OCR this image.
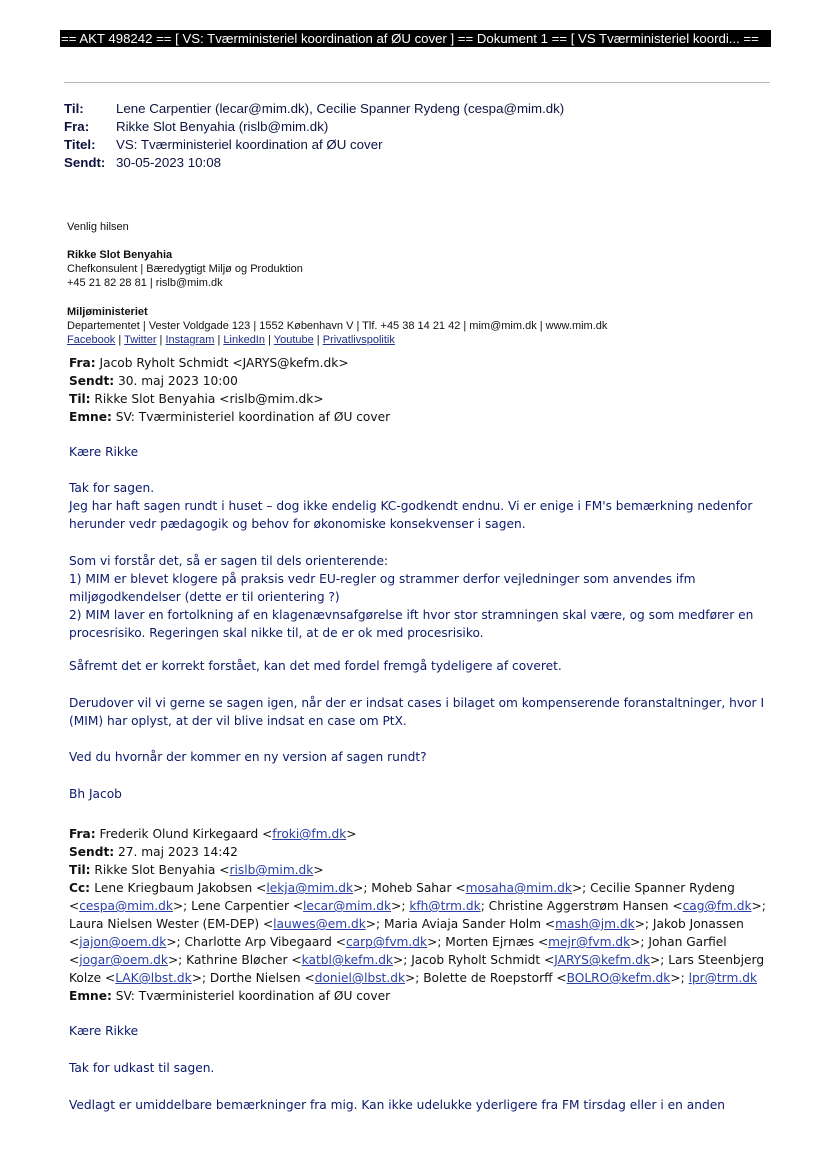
== AKT 498242 == [ VS: Tværministeriel koordination af ØU cover ] == Dokument 1 == [ VS Tværministeriel koordi... ==
Til: Lene Carpentier (lecar@mim.dk), Cecilie Spanner Rydeng (cespa@mim.dk)
Fra: Rikke Slot Benyahia (rislb@mim.dk)
Titel: VS: Tværministeriel koordination af ØU cover
Sendt: 30-05-2023 10:08
Venlig hilsen
Rikke Slot Benyahia
Chefkonsulent | Bæredygtigt Miljø og Produktion
+45 21 82 28 81 | rislb@mim.dk
Miljøministeriet
Departementet | Vester Voldgade 123 | 1552 København V | Tlf. +45 38 14 21 42 | mim@mim.dk | www.mim.dk
Facebook | Twitter | Instagram | LinkedIn | Youtube | Privatlivspolitik
Fra: Jacob Ryholt Schmidt <JARYS@kefm.dk>
Sendt: 30. maj 2023 10:00
Til: Rikke Slot Benyahia <rislb@mim.dk>
Emne: SV: Tværministeriel koordination af ØU cover
Kære Rikke
Tak for sagen.
Jeg har haft sagen rundt i huset – dog ikke endelig KC-godkendt endnu. Vi er enige i FM's bemærkning nedenfor
herunder vedr pædagogik og behov for økonomiske konsekvenser i sagen.
Som vi forstår det, så er sagen til dels orienterende:
1) MIM er blevet klogere på praksis vedr EU-regler og strammer derfor vejledninger som anvendes ifm
miljøgodkendelser (dette er til orientering ?)
2) MIM laver en fortolkning af en klagenævnsafgørelse ift hvor stor stramningen skal være, og som medfører en
procesrisiko. Regeringen skal nikke til, at de er ok med procesrisiko.
Såfremt det er korrekt forstået, kan det med fordel fremgå tydeligere af coveret.
Derudover vil vi gerne se sagen igen, når der er indsat cases i bilaget om kompenserende foranstaltninger, hvor I
(MIM) har oplyst, at der vil blive indsat en case om PtX.
Ved du hvornår der kommer en ny version af sagen rundt?
Bh Jacob
Fra: Frederik Olund Kirkegaard <froki@fm.dk>
Sendt: 27. maj 2023 14:42
Til: Rikke Slot Benyahia <rislb@mim.dk>
Cc: Lene Kriegbaum Jakobsen <lekja@mim.dk>; Moheb Sahar <mosaha@mim.dk>; Cecilie Spanner Rydeng
<cespa@mim.dk>; Lene Carpentier <lecar@mim.dk>; kfh@trm.dk; Christine Aggerstrøm Hansen <cag@fm.dk>;
Laura Nielsen Wester (EM-DEP) <lauwes@em.dk>; Maria Aviaja Sander Holm <mash@jm.dk>; Jakob Jonassen
<jajon@oem.dk>; Charlotte Arp Vibegaard <carp@fvm.dk>; Morten Ejrnæs <mejr@fvm.dk>; Johan Garfiel
<jogar@oem.dk>; Kathrine Bløcher <katbl@kefm.dk>; Jacob Ryholt Schmidt <JARYS@kefm.dk>; Lars Steenbjerg
Kolze <LAK@lbst.dk>; Dorthe Nielsen <doniel@lbst.dk>; Bolette de Roepstorff <BOLRO@kefm.dk>; lpr@trm.dk
Emne: SV: Tværministeriel koordination af ØU cover
Kære Rikke
Tak for udkast til sagen.
Vedlagt er umiddelbare bemærkninger fra mig. Kan ikke udelukke yderligere fra FM tirsdag eller i en anden
